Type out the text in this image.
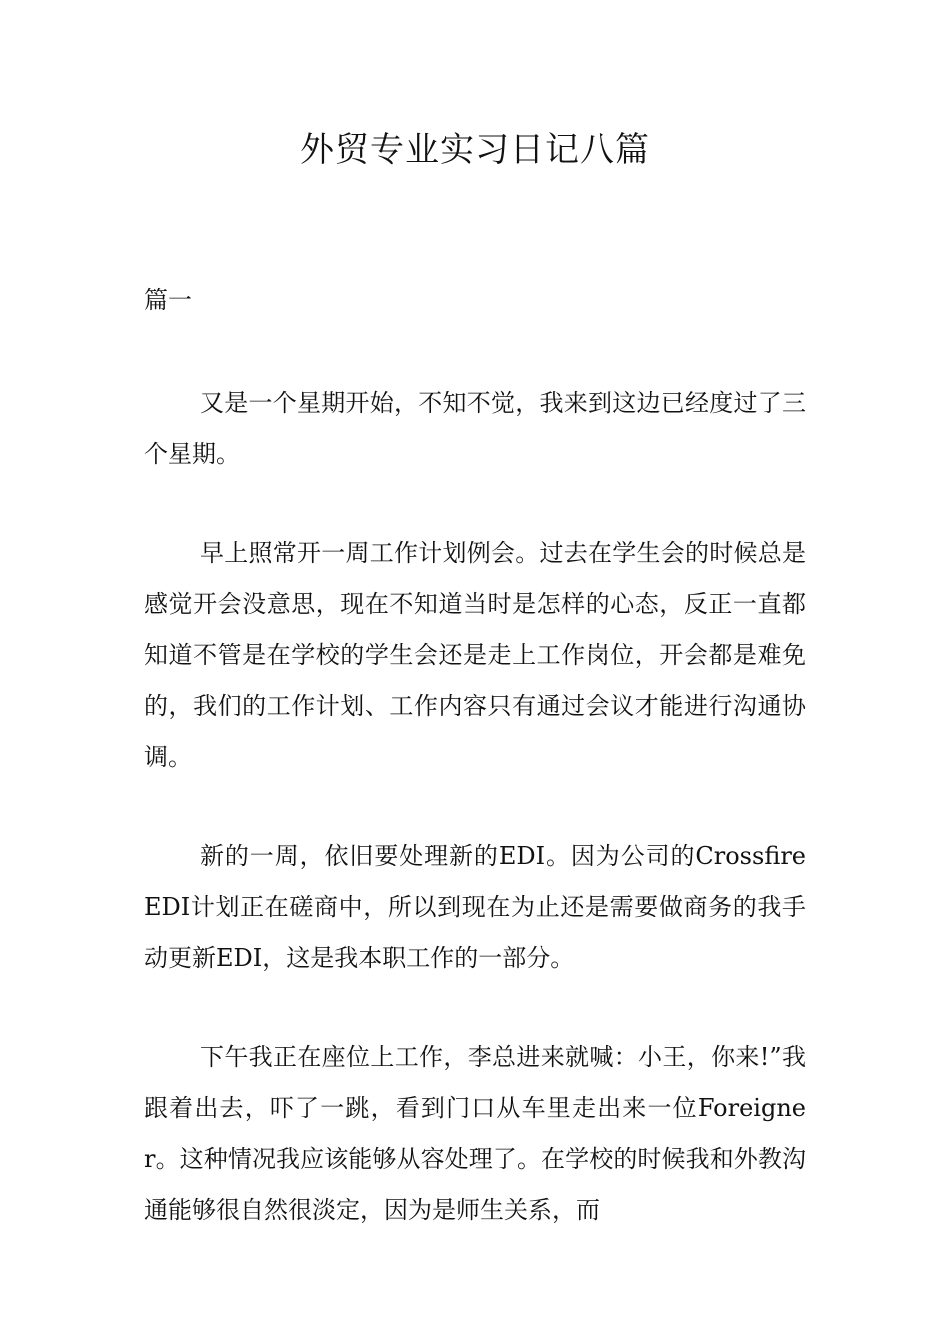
外贸专业实习日记八篇

篇一

又是一个星期开始，不知不觉，我来到这边已经度过了三个星期。

早上照常开一周工作计划例会。过去在学生会的时候总是感觉开会没意思，现在不知道当时是怎样的心态，反正一直都知道不管是在学校的学生会还是走上工作岗位，开会都是难免的，我们的工作计划、工作内容只有通过会议才能进行沟通协调。

新的一周，依旧要处理新的EDI。因为公司的CrossfireEDI计划正在磋商中，所以到现在为止还是需要做商务的我手动更新EDI，这是我本职工作的一部分。

下午我正在座位上工作，李总进来就喊：小王，你来!”我跟着出去，吓了一跳，看到门口从车里走出来一位Foreigner。这种情况我应该能够从容处理了。在学校的时候我和外教沟通能够很自然很淡定，因为是师生关系，而
